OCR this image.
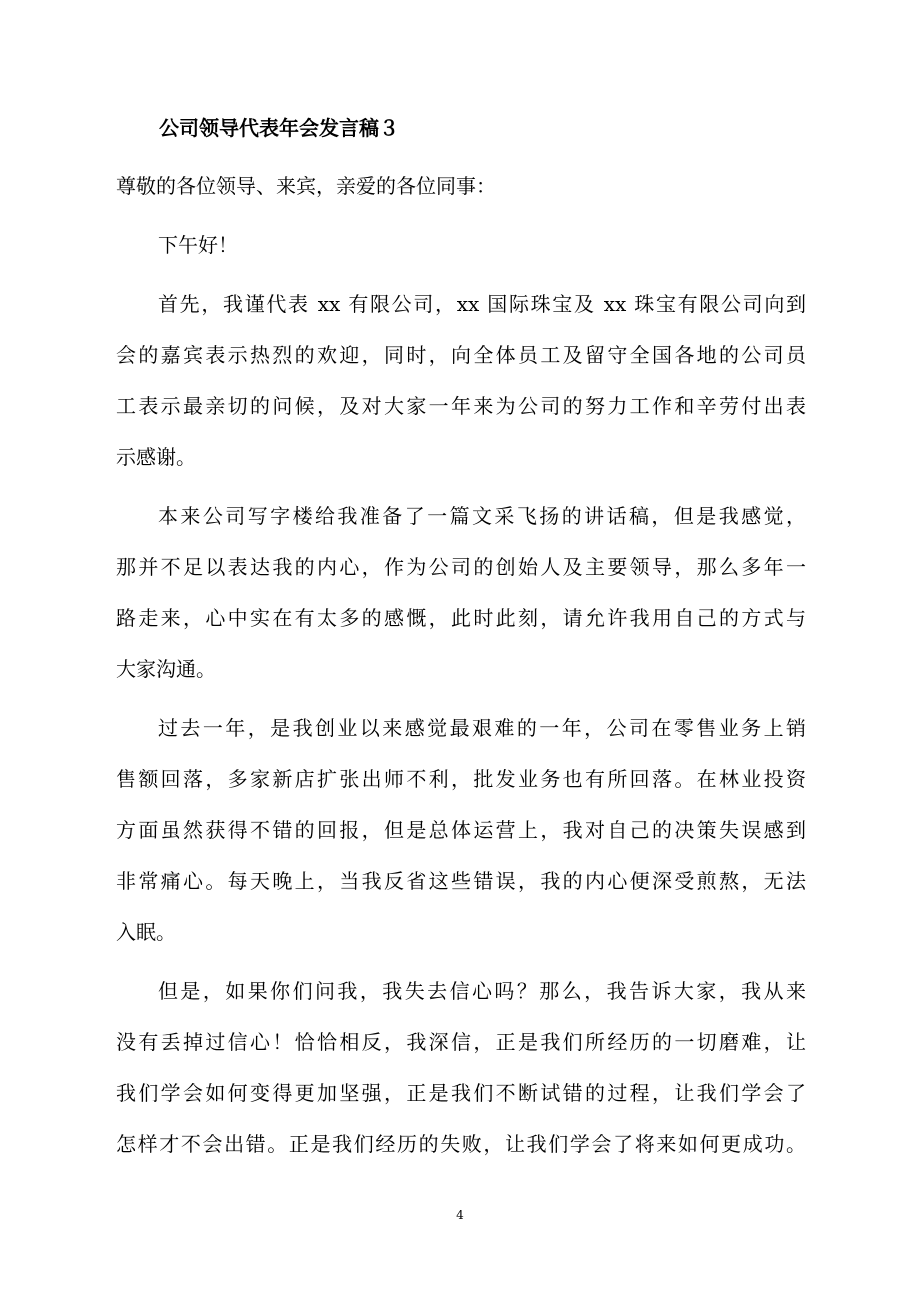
公司领导代表年会发言稿３
尊敬的各位领导、来宾，亲爱的各位同事：
下午好！
首先，我谨代表 xx 有限公司，xx 国际珠宝及 xx 珠宝有限公司向到
会的嘉宾表示热烈的欢迎，同时，向全体员工及留守全国各地的公司员
工表示最亲切的问候，及对大家一年来为公司的努力工作和辛劳付出表
示感谢。
本来公司写字楼给我准备了一篇文采飞扬的讲话稿，但是我感觉，
那并不足以表达我的内心，作为公司的创始人及主要领导，那么多年一
路走来，心中实在有太多的感慨，此时此刻，请允许我用自己的方式与
大家沟通。
过去一年，是我创业以来感觉最艰难的一年，公司在零售业务上销
售额回落，多家新店扩张出师不利，批发业务也有所回落。在林业投资
方面虽然获得不错的回报，但是总体运营上，我对自己的决策失误感到
非常痛心。每天晚上，当我反省这些错误，我的内心便深受煎熬，无法
入眠。
但是，如果你们问我，我失去信心吗？那么，我告诉大家，我从来
没有丢掉过信心！恰恰相反，我深信，正是我们所经历的一切磨难，让
我们学会如何变得更加坚强，正是我们不断试错的过程，让我们学会了
怎样才不会出错。正是我们经历的失败，让我们学会了将来如何更成功。
4
